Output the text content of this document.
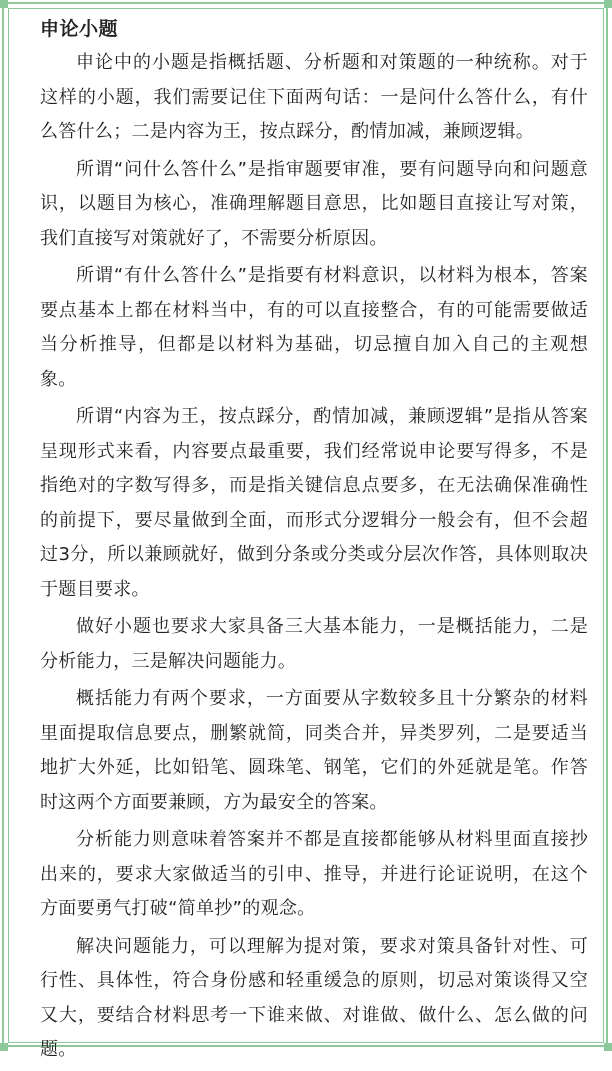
申论小题

申论中的小题是指概括题、分析题和对策题的一种统称。对于这样的小题，我们需要记住下面两句话：一是问什么答什么，有什么答什么；二是内容为王，按点踩分，酌情加减，兼顾逻辑。

所谓“问什么答什么”是指审题要审准，要有问题导向和问题意识，以题目为核心，准确理解题目意思，比如题目直接让写对策，我们直接写对策就好了，不需要分析原因。

所谓“有什么答什么”是指要有材料意识，以材料为根本，答案要点基本上都在材料当中，有的可以直接整合，有的可能需要做适当分析推导，但都是以材料为基础，切忌擅自加入自己的主观想象。

所谓“内容为王，按点踩分，酌情加减，兼顾逻辑”是指从答案呈现形式来看，内容要点最重要，我们经常说申论要写得多，不是指绝对的字数写得多，而是指关键信息点要多，在无法确保准确性的前提下，要尽量做到全面，而形式分逻辑分一般会有，但不会超过3分，所以兼顾就好，做到分条或分类或分层次作答，具体则取决于题目要求。

做好小题也要求大家具备三大基本能力，一是概括能力，二是分析能力，三是解决问题能力。

概括能力有两个要求，一方面要从字数较多且十分繁杂的材料里面提取信息要点，删繁就简，同类合并，异类罗列，二是要适当地扩大外延，比如铅笔、圆珠笔、钢笔，它们的外延就是笔。作答时这两个方面要兼顾，方为最安全的答案。

分析能力则意味着答案并不都是直接都能够从材料里面直接抄出来的，要求大家做适当的引申、推导，并进行论证说明，在这个方面要勇气打破“简单抄”的观念。

解决问题能力，可以理解为提对策，要求对策具备针对性、可行性、具体性，符合身份感和轻重缓急的原则，切忌对策谈得又空又大，要结合材料思考一下谁来做、对谁做、做什么、怎么做的问题。
